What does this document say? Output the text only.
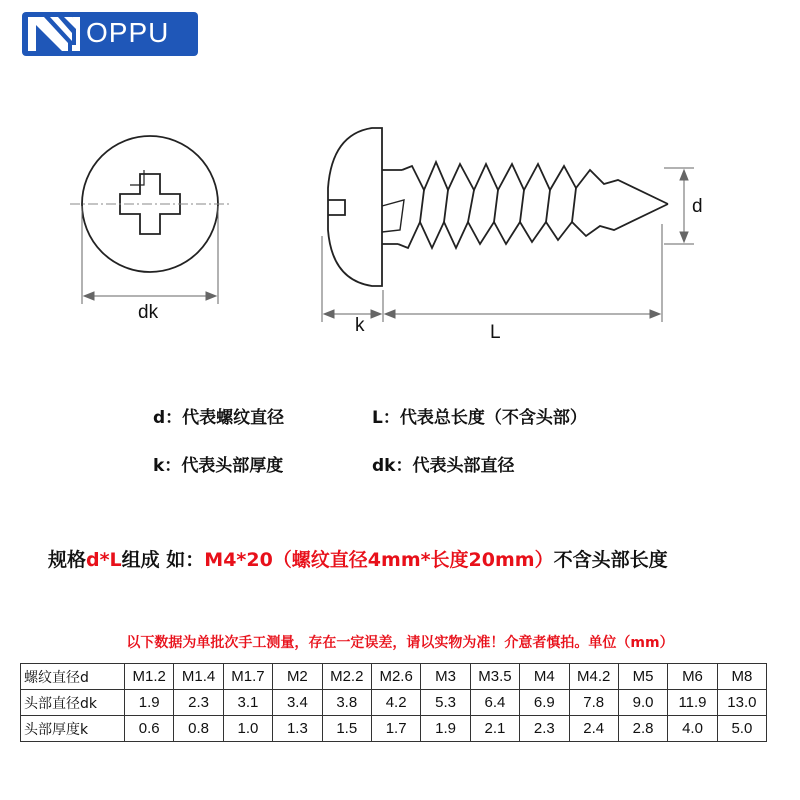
OPPU
dk
k	L
d
d：代表螺纹直径	L：代表总长度（不含头部）
k：代表头部厚度	dk：代表头部直径
规格d*L组成 如：M4*20（螺纹直径4mm*长度20mm）不含头部长度
以下数据为单批次手工测量，存在一定误差，请以实物为准！介意者慎拍。单位（mm）
螺纹直径d	M1.2	M1.4	M1.7	M2	M2.2	M2.6	M3	M3.5	M4	M4.2	M5	M6	M8
头部直径dk	1.9	2.3	3.1	3.4	3.8	4.2	5.3	6.4	6.9	7.8	9.0	11.9	13.0
头部厚度k	0.6	0.8	1.0	1.3	1.5	1.7	1.9	2.1	2.3	2.4	2.8	4.0	5.0
